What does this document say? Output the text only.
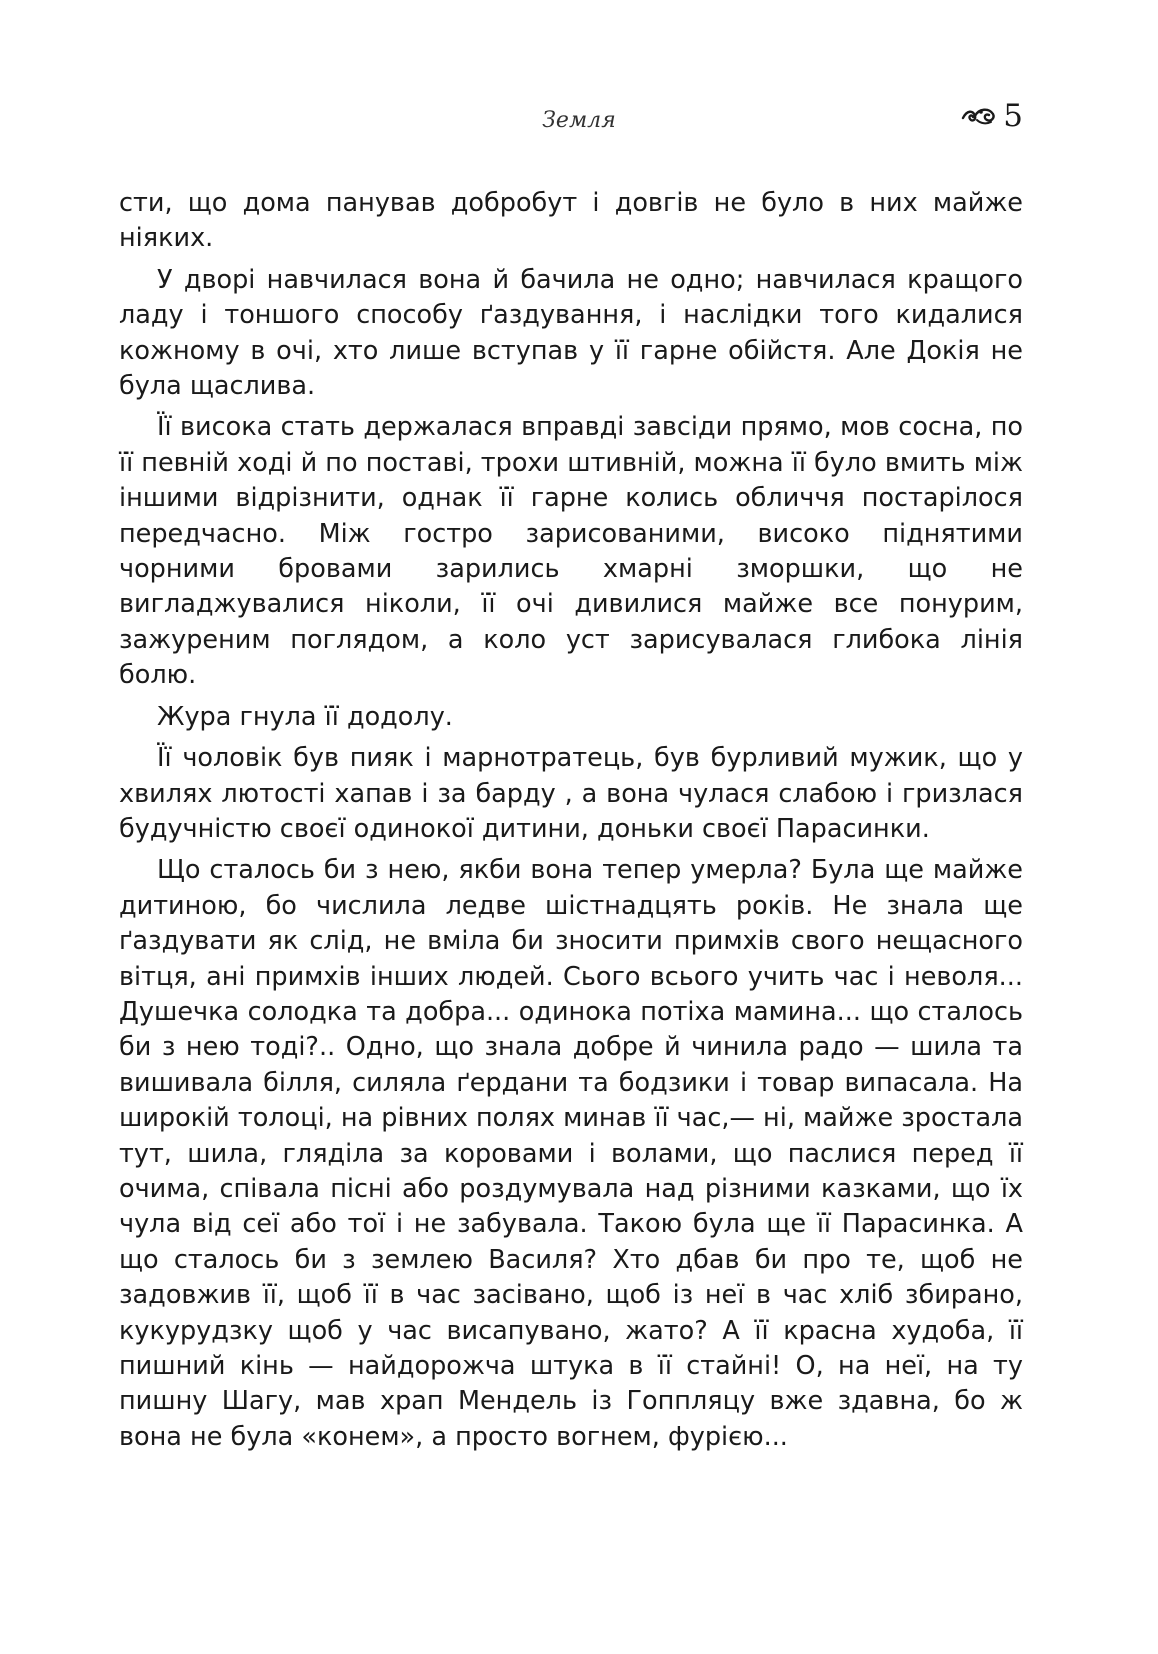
Земля	5

сти, що дома панував добробут і довгів не було в них майже ніяких.

У дворі навчилася вона й бачила не одно; навчилася кращого ладу і тоншого способу ґаздування, і наслідки того кидалися кожному в очі, хто лише вступав у її гарне обійстя. Але Докія не була щаслива.

Її висока стать держалася вправді завсіди прямо, мов сосна, по її певній ході й по поставі, трохи штивній, можна її було вмить між іншими відрізнити, однак її гарне колись обличчя постарілося передчасно. Між гостро зарисованими, високо піднятими чорними бровами зарились хмарні зморшки, що не вигладжувалися ніколи, її очі дивилися майже все понурим, зажуреним поглядом, а коло уст зарисувалася глибока лінія болю.

Жура гнула її додолу.

Її чоловік був пияк і марнотратець, був бурливий мужик, що у хвилях лютості хапав і за барду , а вона чулася слабою і гризлася будучністю своєї одинокої дитини, доньки своєї Парасинки.

Що сталось би з нею, якби вона тепер умерла? Була ще майже дитиною, бо числила ледве шістнадцять років. Не знала ще ґаздувати як слід, не вміла би зносити примхів свого нещасного вітця, ані примхів інших людей. Сього всього учить час і неволя... Душечка солодка та добра... одинока потіха мамина... що сталось би з нею тоді?.. Одно, що знала добре й чинила радо — шила та вишивала білля, силяла ґердани та бодзики і товар випасала. На широкій толоці, на рівних полях минав її час,— ні, майже зростала тут, шила, гляділа за коровами і волами, що паслися перед її очима, співала пісні або роздумувала над різними казками, що їх чула від сеї або тої і не забувала. Такою була ще її Парасинка. А що сталось би з землею Василя? Хто дбав би про те, щоб не задовжив її, щоб її в час засівано, щоб із неї в час хліб збирано, кукурудзку щоб у час висапувано, жато? А її красна худоба, її пишний кінь — найдорожча штука в її стайні! О, на неї, на ту пишну Шагу, мав храп Мендель із Гоппляцу вже здавна, бо ж вона не була «конем», а просто вогнем, фурією...
